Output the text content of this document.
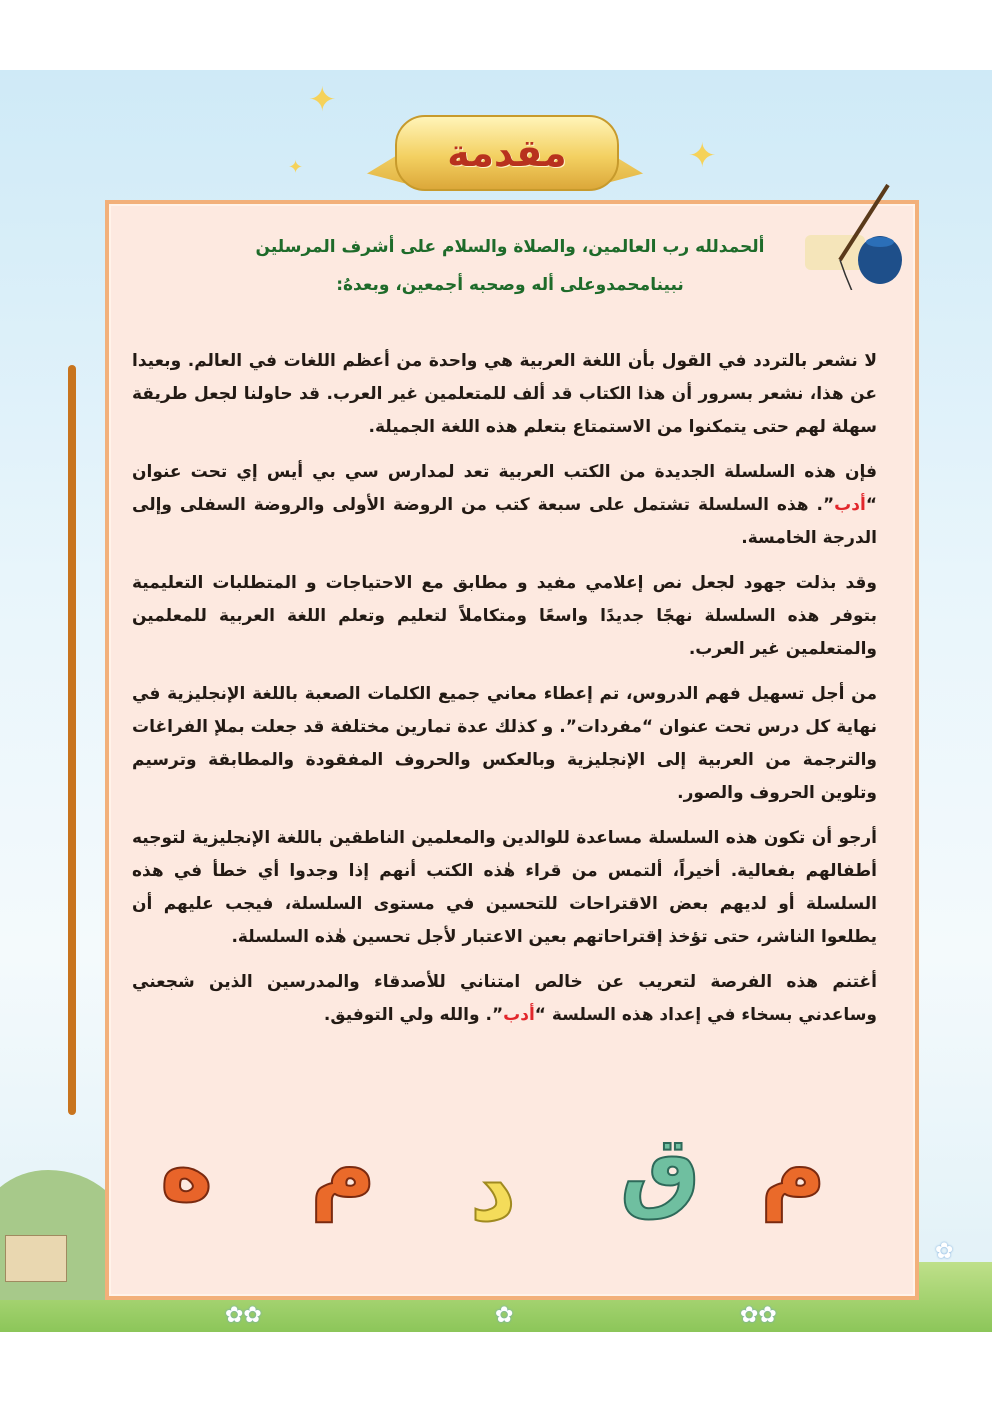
✿✿	✿	✿✿
✿
✦
✦
✦	مقدمة
ألحمدلله رب العالمين، والصلاة والسلام على أشرف المرسلين
نبينامحمدوعلى أله وصحبه أجمعين، وبعدهُ:

لا نشعر بالتردد في القول بأن اللغة العربية هي واحدة من أعظم اللغات في العالم. وبعيدا عن هذا، نشعر بسرور أن هذا الكتاب قد ألف للمتعلمين غير العرب. قد حاولنا لجعل طريقة سهلة لهم حتى يتمكنوا من الاستمتاع بتعلم هذه اللغة الجميلة.

فإن هذه السلسلة الجديدة من الكتب العربية تعد لمدارس سي بي أيس إي تحت عنوان “أدب”. هذه السلسلة تشتمل على سبعة كتب من الروضة الأولى والروضة السفلى وإلى الدرجة الخامسة.

وقد بذلت جهود لجعل نص إعلامي مفيد و مطابق مع الاحتياجات و المتطلبات التعليمية بتوفر هذه السلسلة نهجًا جديدًا واسعًا ومتكاملاً لتعليم وتعلم اللغة العربية للمعلمين والمتعلمين غير العرب.

من أجل تسهيل فهم الدروس، تم إعطاء معاني جميع الكلمات الصعبة باللغة الإنجليزية في نهاية كل درس تحت عنوان “مفردات”. و كذلك عدة تمارين مختلفة قد جعلت بملإ الفراغات والترجمة من العربية إلى الإنجليزية وبالعكس والحروف المفقودة والمطابقة وترسيم وتلوين الحروف والصور.

أرجو أن تكون هذه السلسلة مساعدة للوالدين والمعلمين الناطقين باللغة الإنجليزية لتوجيه أطفالهم بفعالية. أخيراً، ألتمس من قراء هٰذه الكتب أنهم إذا وجدوا أي خطأ في هذه السلسلة أو لديهم بعض الاقتراحات للتحسين في مستوى السلسلة، فيجب عليهم أن يطلعوا الناشر، حتى تؤخذ إقتراحاتهم بعين الاعتبار لأجل تحسين هٰذه السلسلة.

أغتنم هذه الفرصة لتعريب عن خالص امتناني للأصدقاء والمدرسين الذين شجعني وساعدني بسخاء في إعداد هذه السلسة “أدب”. والله ولي التوفيق.

ه م د ق م
